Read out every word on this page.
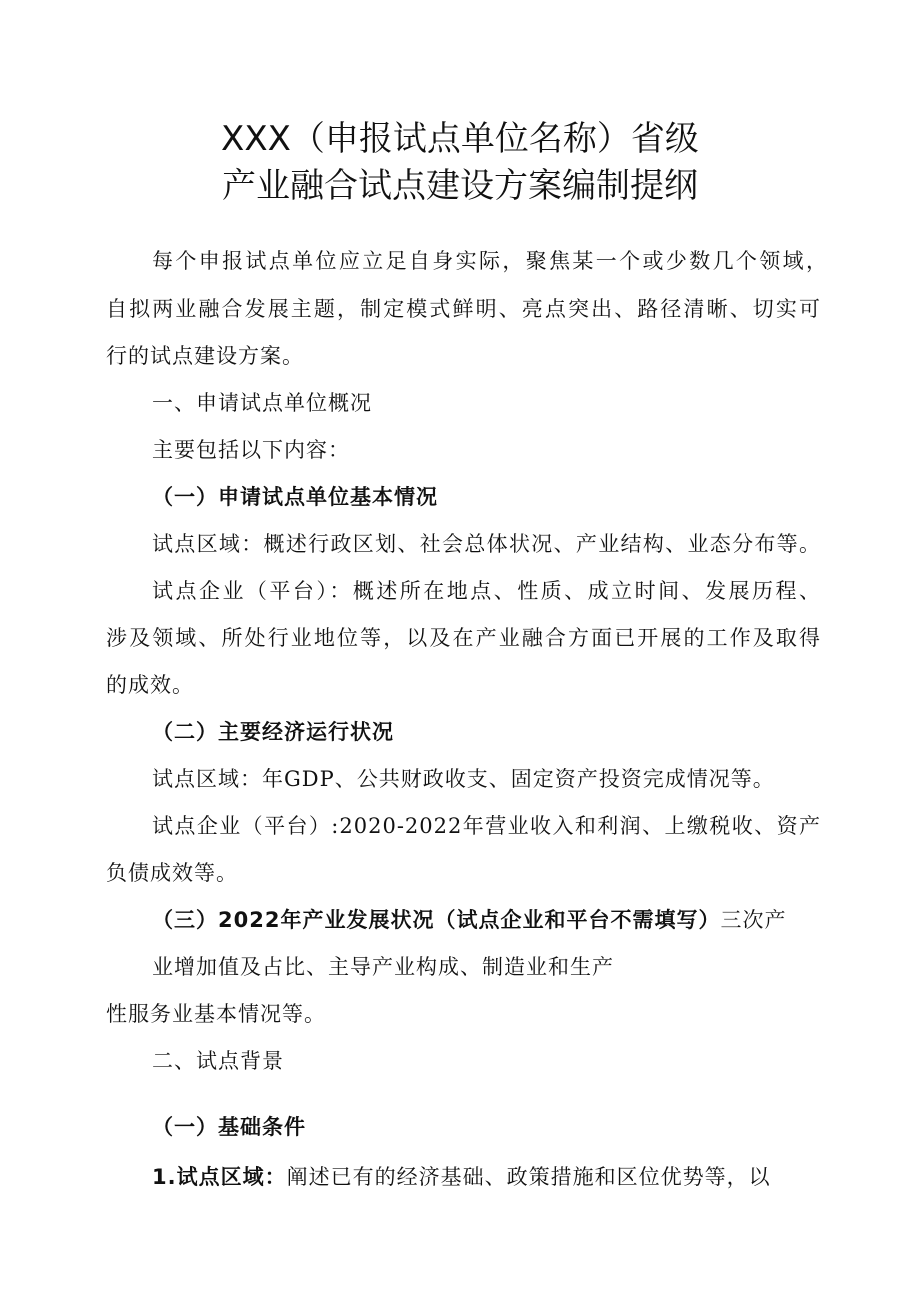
XXX（申报试点单位名称）省级
产业融合试点建设方案编制提纲
每个申报试点单位应立足自身实际，聚焦某一个或少数几个领域，
自拟两业融合发展主题，制定模式鲜明、亮点突出、路径清晰、切实可
行的试点建设方案。
一、申请试点单位概况
主要包括以下内容：
（一）申请试点单位基本情况
试点区域：概述行政区划、社会总体状况、产业结构、业态分布等。
试点企业（平台）：概述所在地点、性质、成立时间、发展历程、
涉及领域、所处行业地位等，以及在产业融合方面已开展的工作及取得
的成效。
（二）主要经济运行状况
试点区域：年GDP、公共财政收支、固定资产投资完成情况等。
试点企业（平台）:2020-2022年营业收入和利润、上缴税收、资产
负债成效等。
（三）2022年产业发展状况（试点企业和平台不需填写）三次产
业增加值及占比、主导产业构成、制造业和生产
性服务业基本情况等。
二、试点背景
（一）基础条件
1.试点区域：阐述已有的经济基础、政策措施和区位优势等，以
